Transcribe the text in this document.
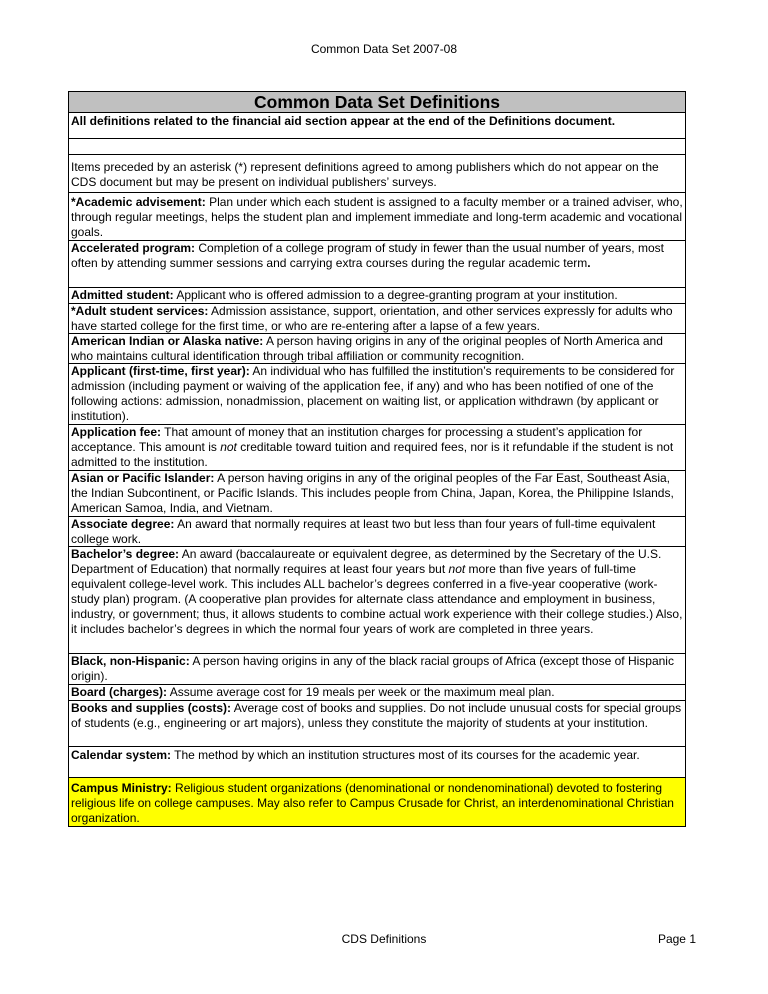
Common Data Set 2007-08
Common Data Set Definitions
All definitions related to the financial aid section appear at the end of the Definitions document.
Items preceded by an asterisk (*) represent definitions agreed to among publishers which do not appear on the CDS document but may be present on individual publishers’ surveys.
*Academic advisement: Plan under which each student is assigned to a faculty member or a trained adviser, who, through regular meetings, helps the student plan and implement immediate and long-term academic and vocational goals.
Accelerated program: Completion of a college program of study in fewer than the usual number of years, most often by attending summer sessions and carrying extra courses during the regular academic term.
Admitted student: Applicant who is offered admission to a degree-granting program at your institution.
*Adult student services: Admission assistance, support, orientation, and other services expressly for adults who have started college for the first time, or who are re-entering after a lapse of a few years.
American Indian or Alaska native: A person having origins in any of the original peoples of North America and who maintains cultural identification through tribal affiliation or community recognition.
Applicant (first-time, first year): An individual who has fulfilled the institution’s requirements to be considered for admission (including payment or waiving of the application fee, if any) and who has been notified of one of the following actions: admission, nonadmission, placement on waiting list, or application withdrawn (by applicant or institution).
Application fee: That amount of money that an institution charges for processing a student’s application for acceptance. This amount is not creditable toward tuition and required fees, nor is it refundable if the student is not admitted to the institution.
Asian or Pacific Islander: A person having origins in any of the original peoples of the Far East, Southeast Asia, the Indian Subcontinent, or Pacific Islands. This includes people from China, Japan, Korea, the Philippine Islands, American Samoa, India, and Vietnam.
Associate degree: An award that normally requires at least two but less than four years of full-time equivalent college work.
Bachelor’s degree: An award (baccalaureate or equivalent degree, as determined by the Secretary of the U.S. Department of Education) that normally requires at least four years but not more than five years of full-time equivalent college-level work. This includes ALL bachelor’s degrees conferred in a five-year cooperative (work-study plan) program. (A cooperative plan provides for alternate class attendance and employment in business, industry, or government; thus, it allows students to combine actual work experience with their college studies.) Also, it includes bachelor’s degrees in which the normal four years of work are completed in three years.
Black, non-Hispanic: A person having origins in any of the black racial groups of Africa (except those of Hispanic origin).
Board (charges): Assume average cost for 19 meals per week or the maximum meal plan.
Books and supplies (costs): Average cost of books and supplies. Do not include unusual costs for special groups of students (e.g., engineering or art majors), unless they constitute the majority of students at your institution.
Calendar system: The method by which an institution structures most of its courses for the academic year.
Campus Ministry: Religious student organizations (denominational or nondenominational) devoted to fostering religious life on college campuses. May also refer to Campus Crusade for Christ, an interdenominational Christian organization.
CDS Definitions	Page 1
